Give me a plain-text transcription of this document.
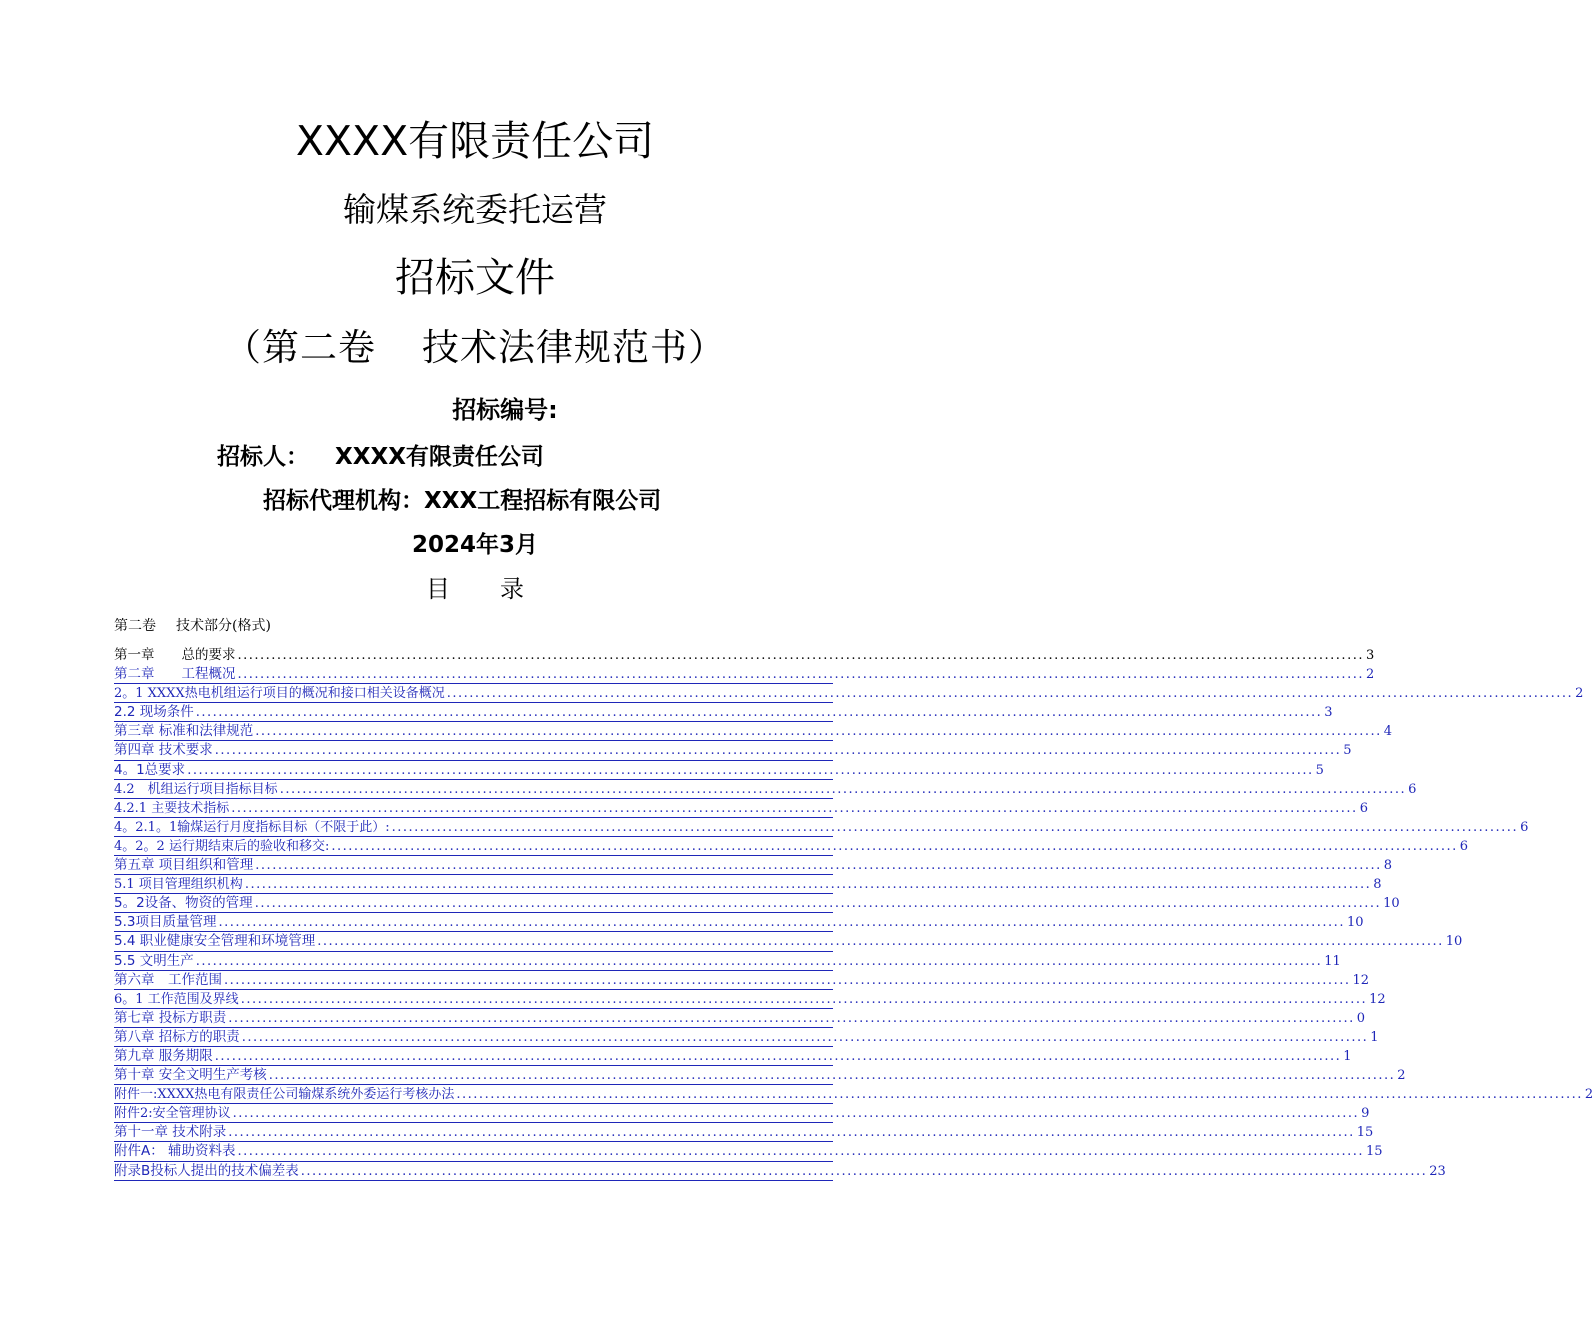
XXXX有限责任公司
输煤系统委托运营
招标文件
（第二卷 技术法律规范书）
招标编号:
招标人： XXXX有限责任公司
招标代理机构：XXX工程招标有限公司
2024年3月
目 录
第二卷 技术部分(格式)
第一章　　总的要求 ........................................................................................................................................................................................................ 3
第二章　　工程概况 ........................................................................................................................................................................................................ 2
2。1 XXXX热电机组运行项目的概况和接口相关设备概况 ........................................................................................................................................................................................................ 2
2.2 现场条件 ........................................................................................................................................................................................................ 3
第三章 标准和法律规范 ........................................................................................................................................................................................................ 4
第四章 技术要求 ........................................................................................................................................................................................................ 5
4。1总要求 ........................................................................................................................................................................................................ 5
4.2　机组运行项目指标目标 ........................................................................................................................................................................................................ 6
4.2.1 主要技术指标 ........................................................................................................................................................................................................ 6
4。2.1。1输煤运行月度指标目标（不限于此）: ........................................................................................................................................................................................................ 6
4。2。2 运行期结束后的验收和移交: ........................................................................................................................................................................................................ 6
第五章 项目组织和管理 ........................................................................................................................................................................................................ 8
5.1 项目管理组织机构 ........................................................................................................................................................................................................ 8
5。2设备、物资的管理 ........................................................................................................................................................................................................ 10
5.3项目质量管理 ........................................................................................................................................................................................................ 10
5.4 职业健康安全管理和环境管理 ........................................................................................................................................................................................................ 10
5.5 文明生产 ........................................................................................................................................................................................................ 11
第六章　工作范围 ........................................................................................................................................................................................................ 12
6。1 工作范围及界线 ........................................................................................................................................................................................................ 12
第七章 投标方职责 ........................................................................................................................................................................................................ 0
第八章 招标方的职责 ........................................................................................................................................................................................................ 1
第九章 服务期限 ........................................................................................................................................................................................................ 1
第十章 安全文明生产考核 ........................................................................................................................................................................................................ 2
附件一:XXXX热电有限责任公司输煤系统外委运行考核办法 ........................................................................................................................................................................................................ 2
附件2:安全管理协议 ........................................................................................................................................................................................................ 9
第十一章 技术附录 ........................................................................................................................................................................................................ 15
附件A： 辅助资料表 ........................................................................................................................................................................................................ 15
附录B投标人提出的技术偏差表 ........................................................................................................................................................................................................ 23
